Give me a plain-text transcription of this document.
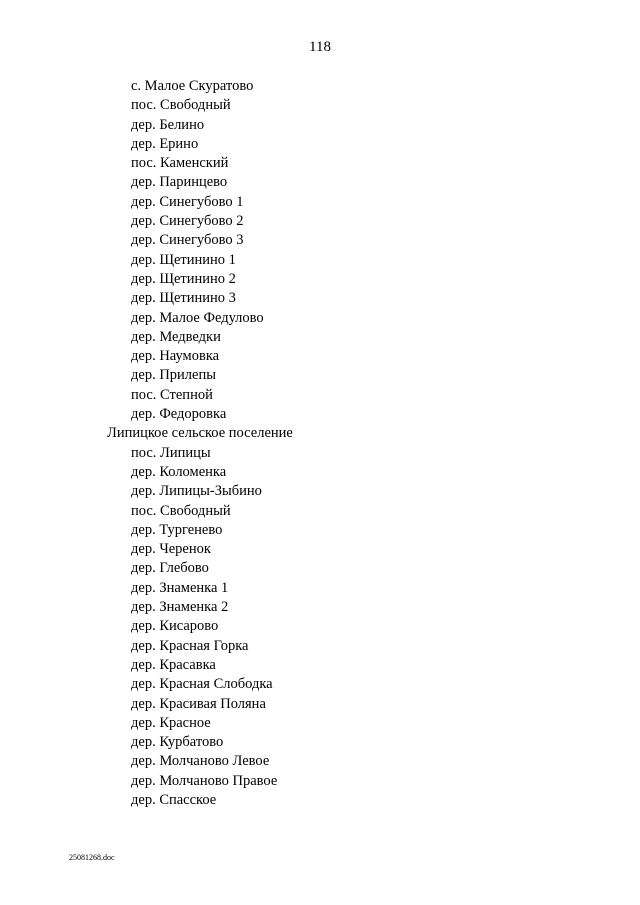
118
с. Малое Скуратово
пос. Свободный
дер. Белино
дер. Ерино
пос. Каменский
дер. Паринцево
дер. Синегубово 1
дер. Синегубово 2
дер. Синегубово 3
дер. Щетинино 1
дер. Щетинино 2
дер. Щетинино 3
дер. Малое Федулово
дер. Медведки
дер. Наумовка
дер. Прилепы
пос. Степной
дер. Федоровка
Липицкое сельское поселение
пос. Липицы
дер. Коломенка
дер. Липицы-Зыбино
пос. Свободный
дер. Тургенево
дер. Черенок
дер. Глебово
дер. Знаменка 1
дер. Знаменка 2
дер. Кисарово
дер. Красная Горка
дер. Красавка
дер. Красная Слободка
дер. Красивая Поляна
дер. Красное
дер. Курбатово
дер. Молчаново Левое
дер. Молчаново Правое
дер. Спасское
25081268.doc
